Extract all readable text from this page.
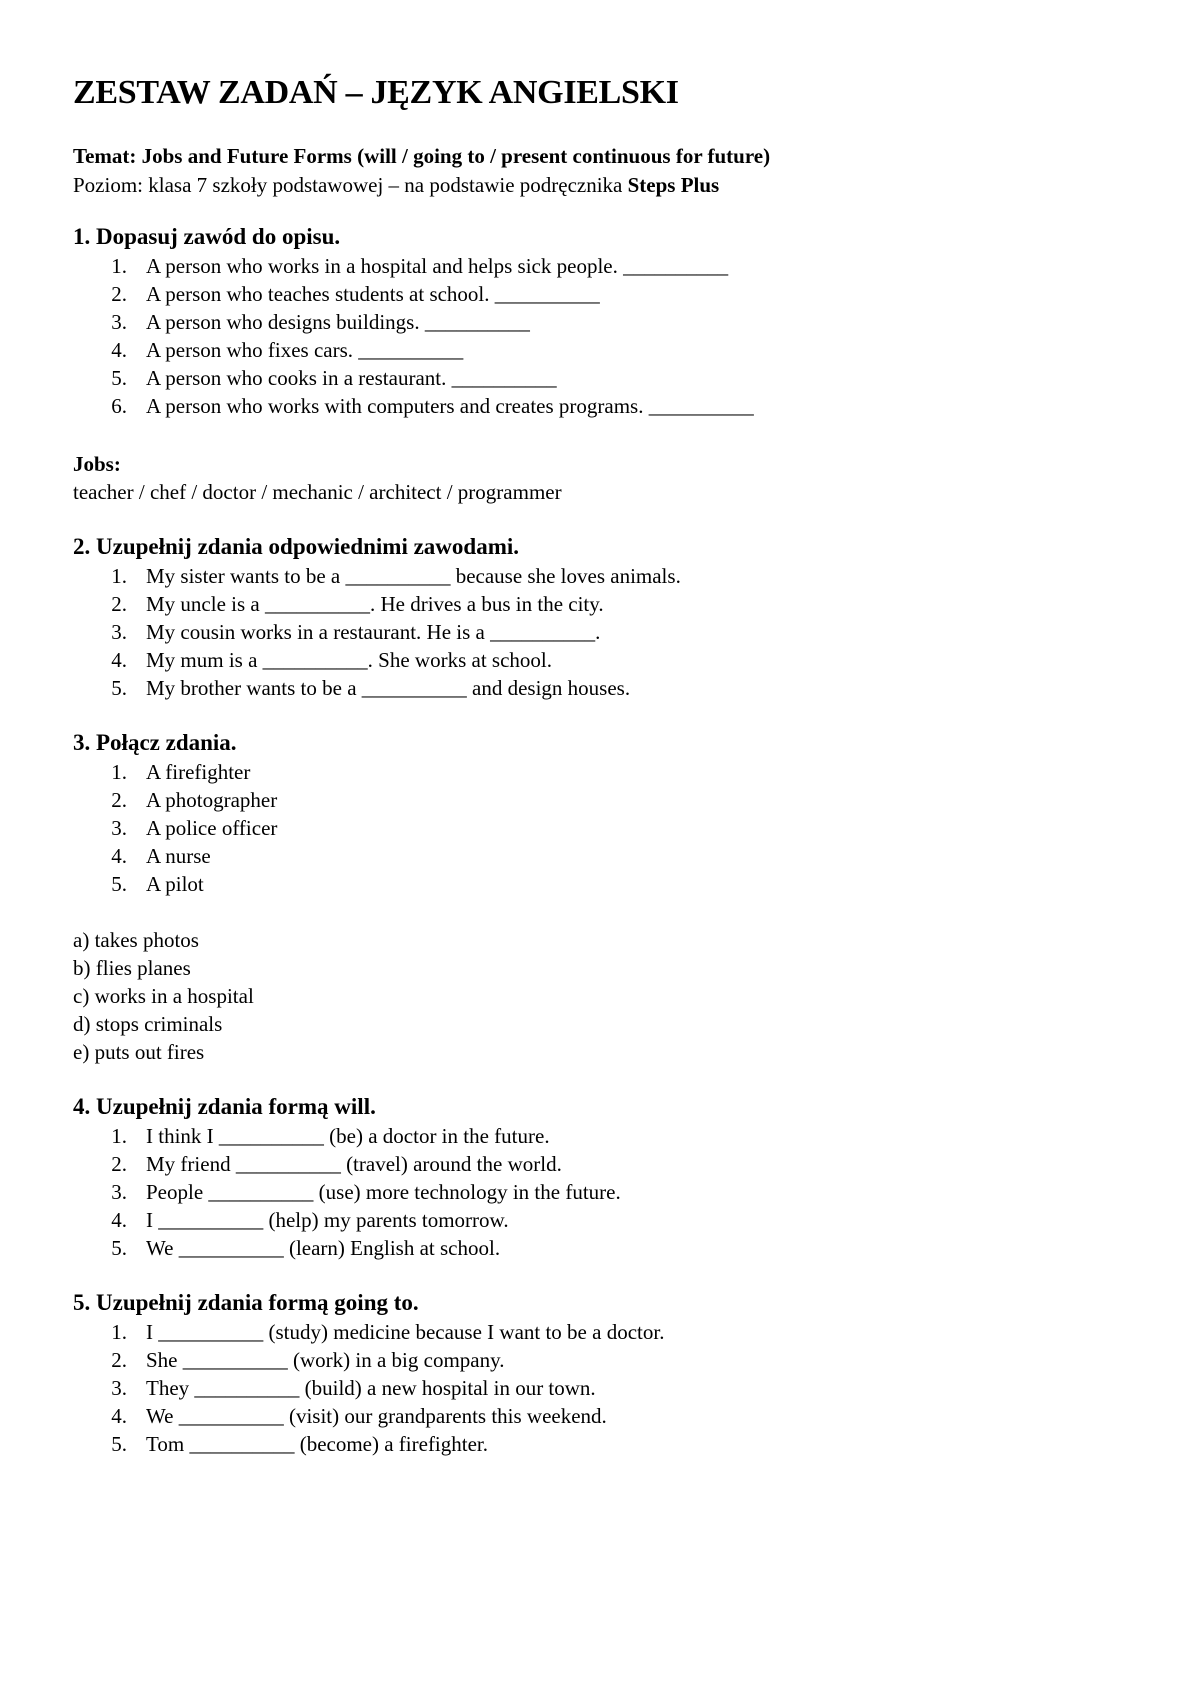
ZESTAW ZADAŃ – JĘZYK ANGIELSKI
Temat: Jobs and Future Forms (will / going to / present continuous for future)
Poziom: klasa 7 szkoły podstawowej – na podstawie podręcznika Steps Plus
1. Dopasuj zawód do opisu.
1. A person who works in a hospital and helps sick people. __________
2. A person who teaches students at school. __________
3. A person who designs buildings. __________
4. A person who fixes cars. __________
5. A person who cooks in a restaurant. __________
6. A person who works with computers and creates programs. __________
Jobs:
teacher / chef / doctor / mechanic / architect / programmer
2. Uzupełnij zdania odpowiednimi zawodami.
1. My sister wants to be a __________ because she loves animals.
2. My uncle is a __________. He drives a bus in the city.
3. My cousin works in a restaurant. He is a __________.
4. My mum is a __________. She works at school.
5. My brother wants to be a __________ and design houses.
3. Połącz zdania.
1. A firefighter
2. A photographer
3. A police officer
4. A nurse
5. A pilot
a) takes photos
b) flies planes
c) works in a hospital
d) stops criminals
e) puts out fires
4. Uzupełnij zdania formą will.
1. I think I __________ (be) a doctor in the future.
2. My friend __________ (travel) around the world.
3. People __________ (use) more technology in the future.
4. I __________ (help) my parents tomorrow.
5. We __________ (learn) English at school.
5. Uzupełnij zdania formą going to.
1. I __________ (study) medicine because I want to be a doctor.
2. She __________ (work) in a big company.
3. They __________ (build) a new hospital in our town.
4. We __________ (visit) our grandparents this weekend.
5. Tom __________ (become) a firefighter.
